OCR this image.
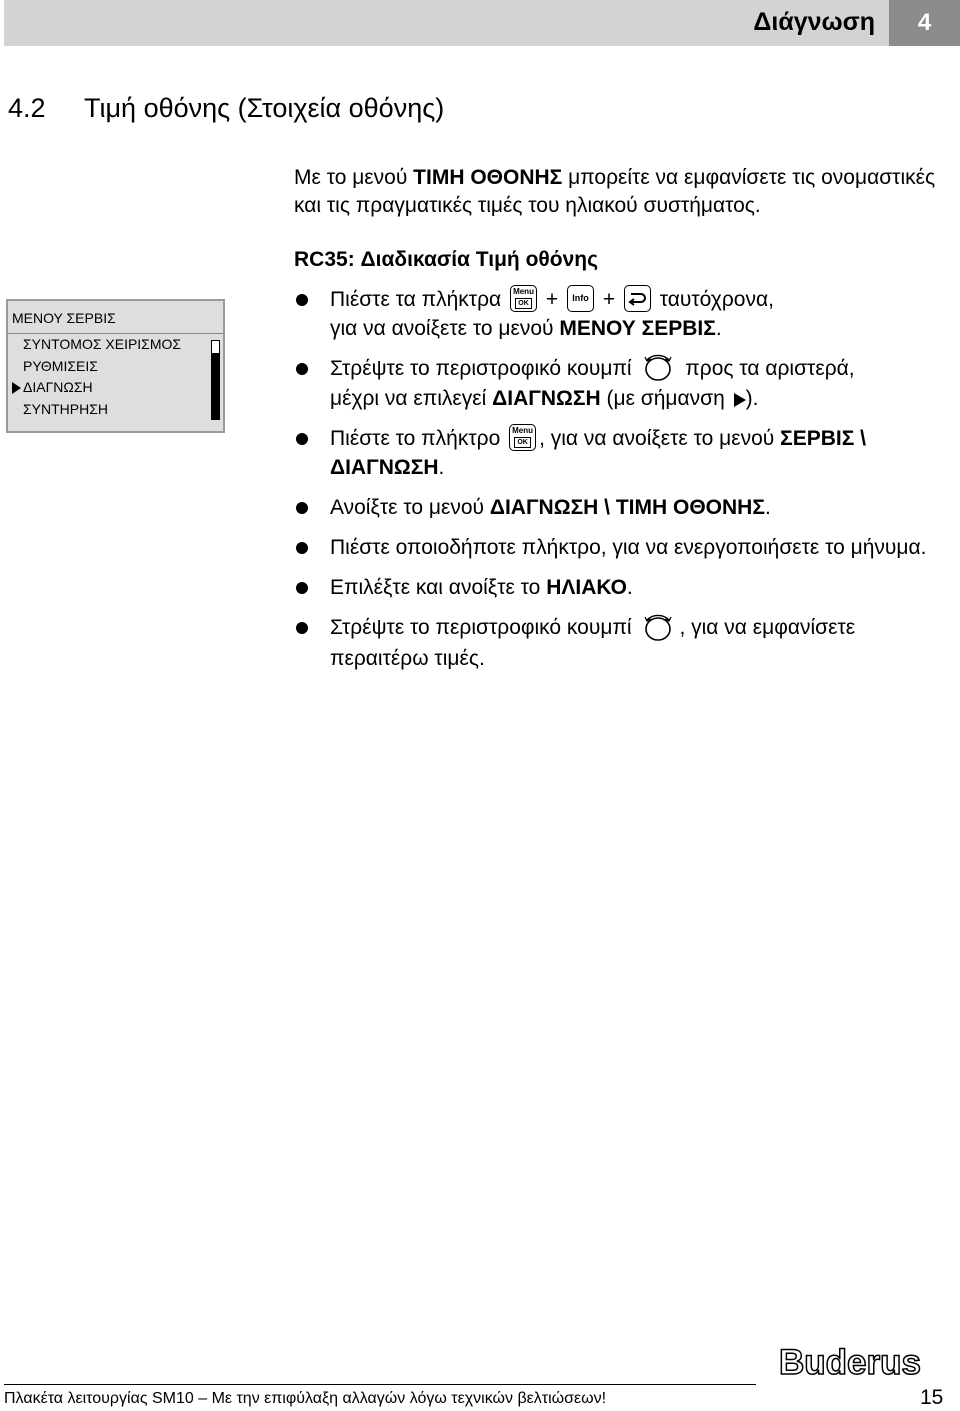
Διάγνωση	4
4.2 Τιμή οθόνης (Στοιχεία οθόνης)
Με το μενού ΤΙΜΗ ΟΘΟΝΗΣ μπορείτε να εμφανίσετε τις ονομαστικές και τις πραγματικές τιμές του ηλιακού συστήματος.
RC35: Διαδικασία Τιμή οθόνης
ΜΕΝΟΥ ΣΕΡΒΙΣ
ΣΥΝΤΟΜΟΣ ΧΕΙΡΙΣΜΟΣ
ΡΥΘΜΙΣΕΙΣ
ΔΙΑΓΝΩΣΗ
ΣΥΝΤΗΡΗΣΗ
Πιέστε τα πλήκτρα Menu
OK +	Info + ταυτόχρονα,
για να ανοίξετε το μενού ΜΕΝΟΥ ΣΕΡΒΙΣ.
Στρέψτε το περιστροφικό κουμπί	προς τα αριστερά,
μέχρι να επιλεγεί ΔΙΑΓΝΩΣΗ (με σήμανση ).
Πιέστε το πλήκτρο Menu
OK , για να ανοίξετε το μενού ΣΕΡΒΙΣ \ ΔΙΑΓΝΩΣΗ.
Ανοίξτε το μενού ΔΙΑΓΝΩΣΗ \ ΤΙΜΗ ΟΘΟΝΗΣ.
Πιέστε οποιοδήποτε πλήκτρο, για να ενεργοποιήσετε το μήνυμα.
Επιλέξτε και ανοίξτε το ΗΛΙΑΚΟ.
Στρέψτε το περιστροφικό κουμπί , για να εμφανίσετε περαιτέρω τιμές.
Buderus
Πλακέτα λειτουργίας SM10 – Με την επιφύλαξη αλλαγών λόγω τεχνικών βελτιώσεων!	15
